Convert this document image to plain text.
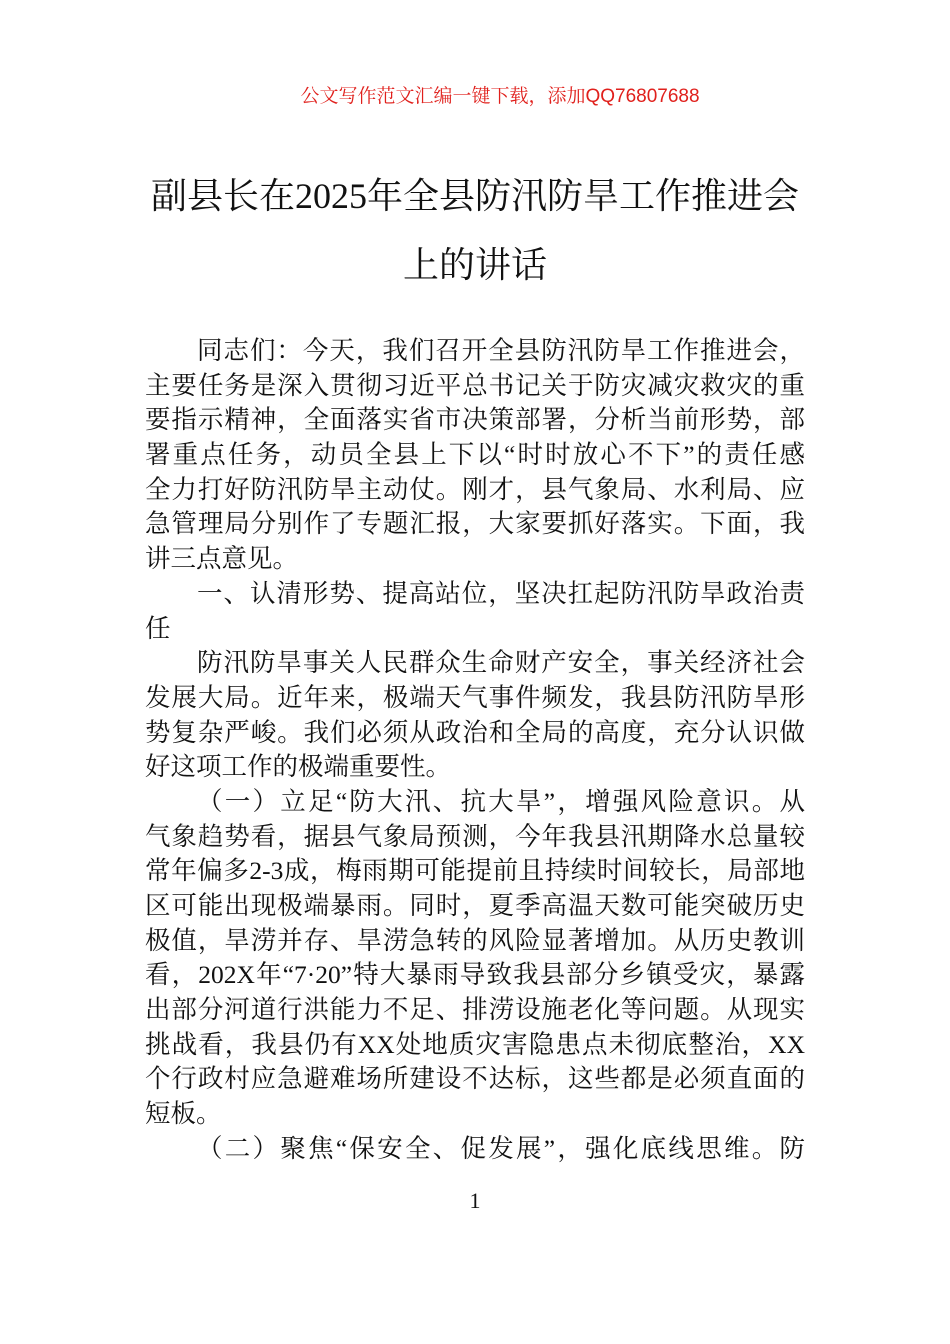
公文写作范文汇编一键下载，添加QQ76807688
副县长在2025年全县防汛防旱工作推进会
上的讲话
同志们：今天，我们召开全县防汛防旱工作推进会，
主要任务是深入贯彻习近平总书记关于防灾减灾救灾的重
要指示精神，全面落实省市决策部署，分析当前形势，部
署重点任务，动员全县上下以“时时放心不下”的责任感
全力打好防汛防旱主动仗。刚才，县气象局、水利局、应
急管理局分别作了专题汇报，大家要抓好落实。下面，我
讲三点意见。
一、认清形势、提高站位，坚决扛起防汛防旱政治责
任
防汛防旱事关人民群众生命财产安全，事关经济社会
发展大局。近年来，极端天气事件频发，我县防汛防旱形
势复杂严峻。我们必须从政治和全局的高度，充分认识做
好这项工作的极端重要性。
（一）立足“防大汛、抗大旱”，增强风险意识。从
气象趋势看，据县气象局预测，今年我县汛期降水总量较
常年偏多2-3成，梅雨期可能提前且持续时间较长，局部地
区可能出现极端暴雨。同时，夏季高温天数可能突破历史
极值，旱涝并存、旱涝急转的风险显著增加。从历史教训
看，202X年“7·20”特大暴雨导致我县部分乡镇受灾，暴露
出部分河道行洪能力不足、排涝设施老化等问题。从现实
挑战看，我县仍有XX处地质灾害隐患点未彻底整治，XX
个行政村应急避难场所建设不达标，这些都是必须直面的
短板。
（二）聚焦“保安全、促发展”，强化底线思维。防
1
